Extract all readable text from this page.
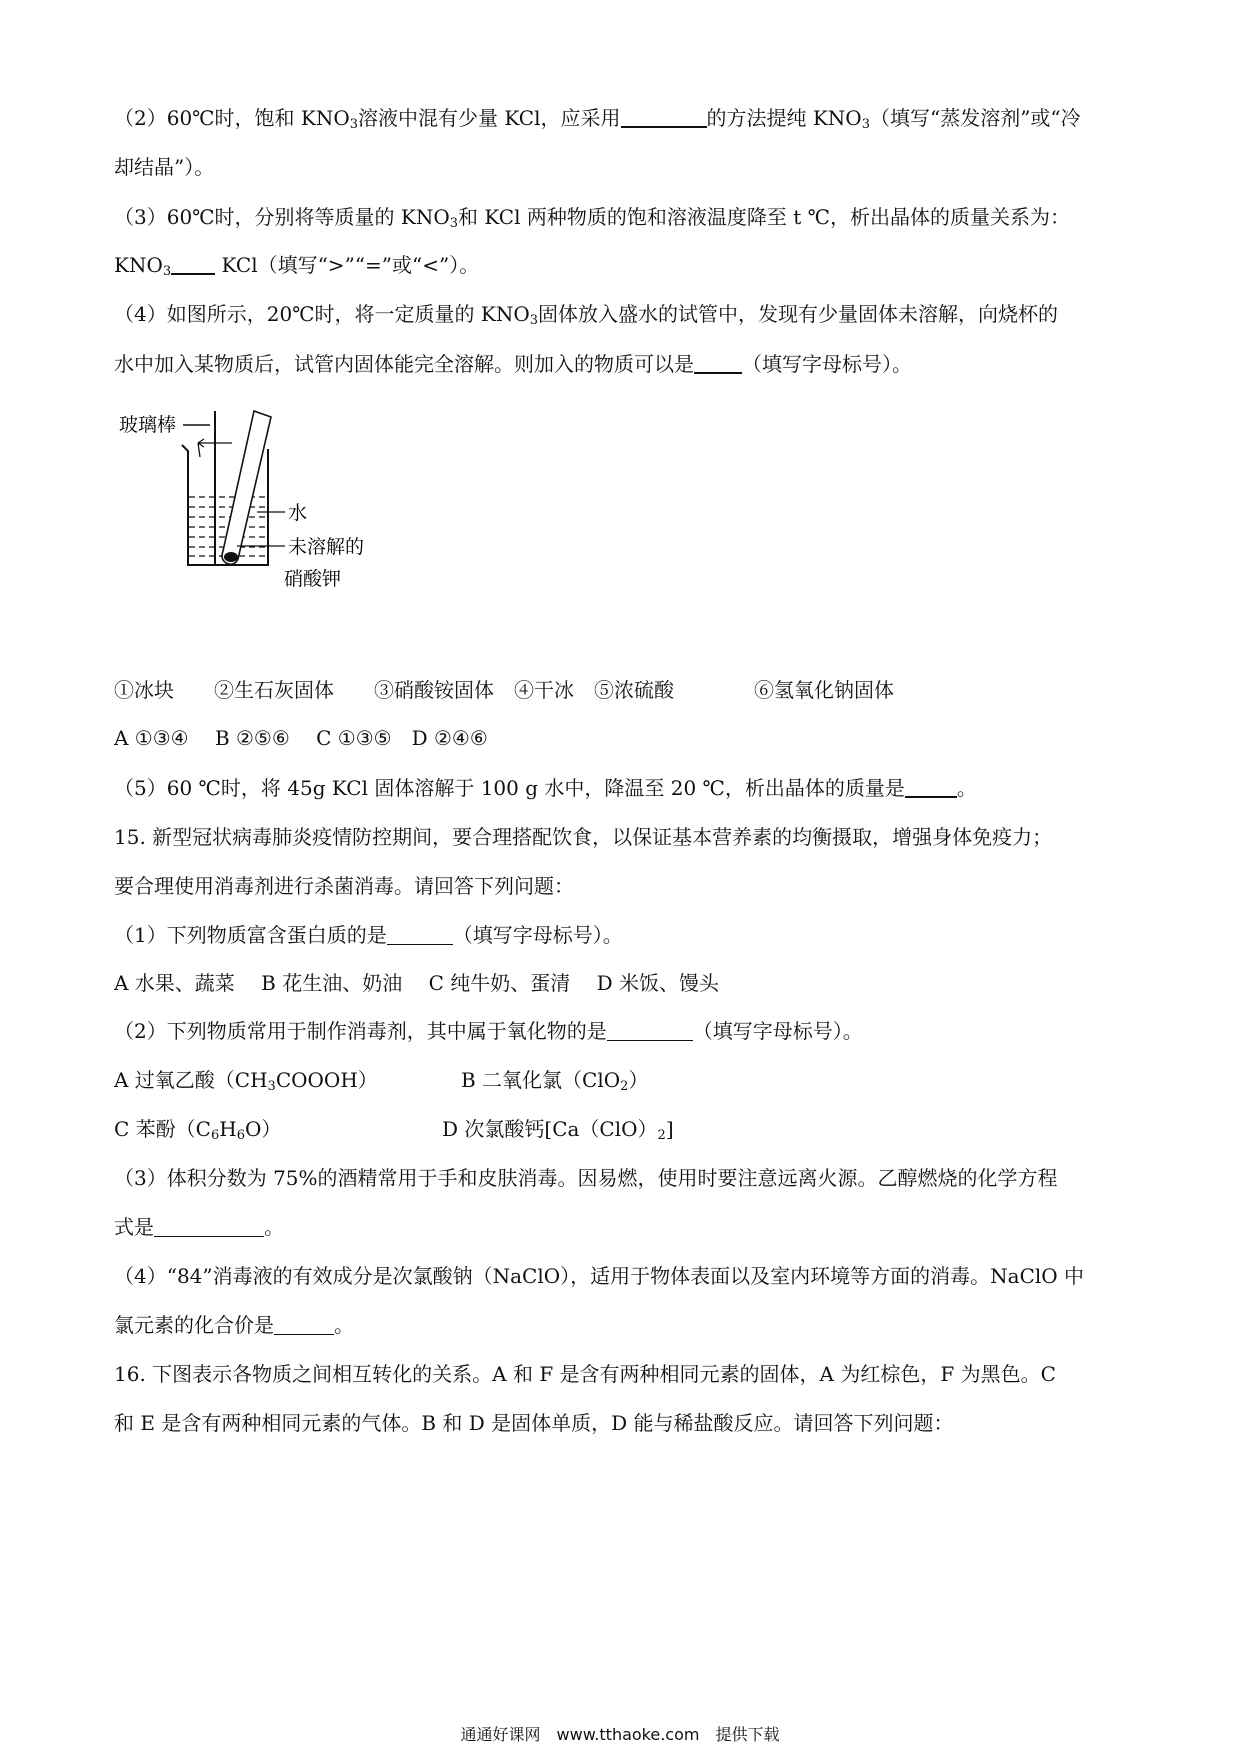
（2）60℃时，饱和 $KNO_3$溶液中混有少量 KCl，应采用	的方法提纯 $KNO_3$（填写“蒸发溶剂”或“冷
却结晶”）。
（3）60℃时，分别将等质量的 $KNO_3$和 KCl 两种物质的饱和溶液温度降至 t ℃，析出晶体的质量关系为：
$KNO_3$ KCl（填写“>”“=”或“<”）。
（4）如图所示，20℃时，将一定质量的 $KNO_3$固体放入盛水的试管中，发现有少量固体未溶解，向烧杯的
水中加入某物质后，试管内固体能完全溶解。则加入的物质可以是 （填写字母标号）。
玻璃棒
水
未溶解的
硝酸钾
①冰块　　②生石灰固体　　③硝酸铵固体　④干冰　⑤浓硫酸　　　　⑥氢氧化钠固体
A ①③④　 B ②⑤⑥　 C ①③⑤　D ②④⑥
（5）60 ℃时，将 45g KCl 固体溶解于 100 g 水中，降温至 20 ℃，析出晶体的质量是	。
15. 新型冠状病毒肺炎疫情防控期间，要合理搭配饮食，以保证基本营养素的均衡摄取，增强身体免疫力；
要合理使用消毒剂进行杀菌消毒。请回答下列问题：
（1）下列物质富含蛋白质的是	（填写字母标号）。
A 水果、蔬菜　 B 花生油、奶油　 C 纯牛奶、蛋清　 D 米饭、馒头
（2）下列物质常用于制作消毒剂，其中属于氧化物的是	（填写字母标号）。
A 过氧乙酸$(CH_3COOOH)$	B 二氧化氯（ClO$_2$）
C 苯酚$(C_6H_6O)$	D 次氯酸钙$[Ca(ClO)_2]$
（3）体积分数为 75%的酒精常用于手和皮肤消毒。因易燃，使用时要注意远离火源。乙醇燃烧的化学方程
式是	。
（4）“84”消毒液的有效成分是次氯酸钠（NaClO），适用于物体表面以及室内环境等方面的消毒。NaClO 中
氯元素的化合价是	。
16. 下图表示各物质之间相互转化的关系。A 和 F 是含有两种相同元素的固体，A 为红棕色，F 为黑色。C
和 E 是含有两种相同元素的气体。B 和 D 是固体单质，D 能与稀盐酸反应。请回答下列问题：
通通好课网　www.tthaoke.com　提供下载
